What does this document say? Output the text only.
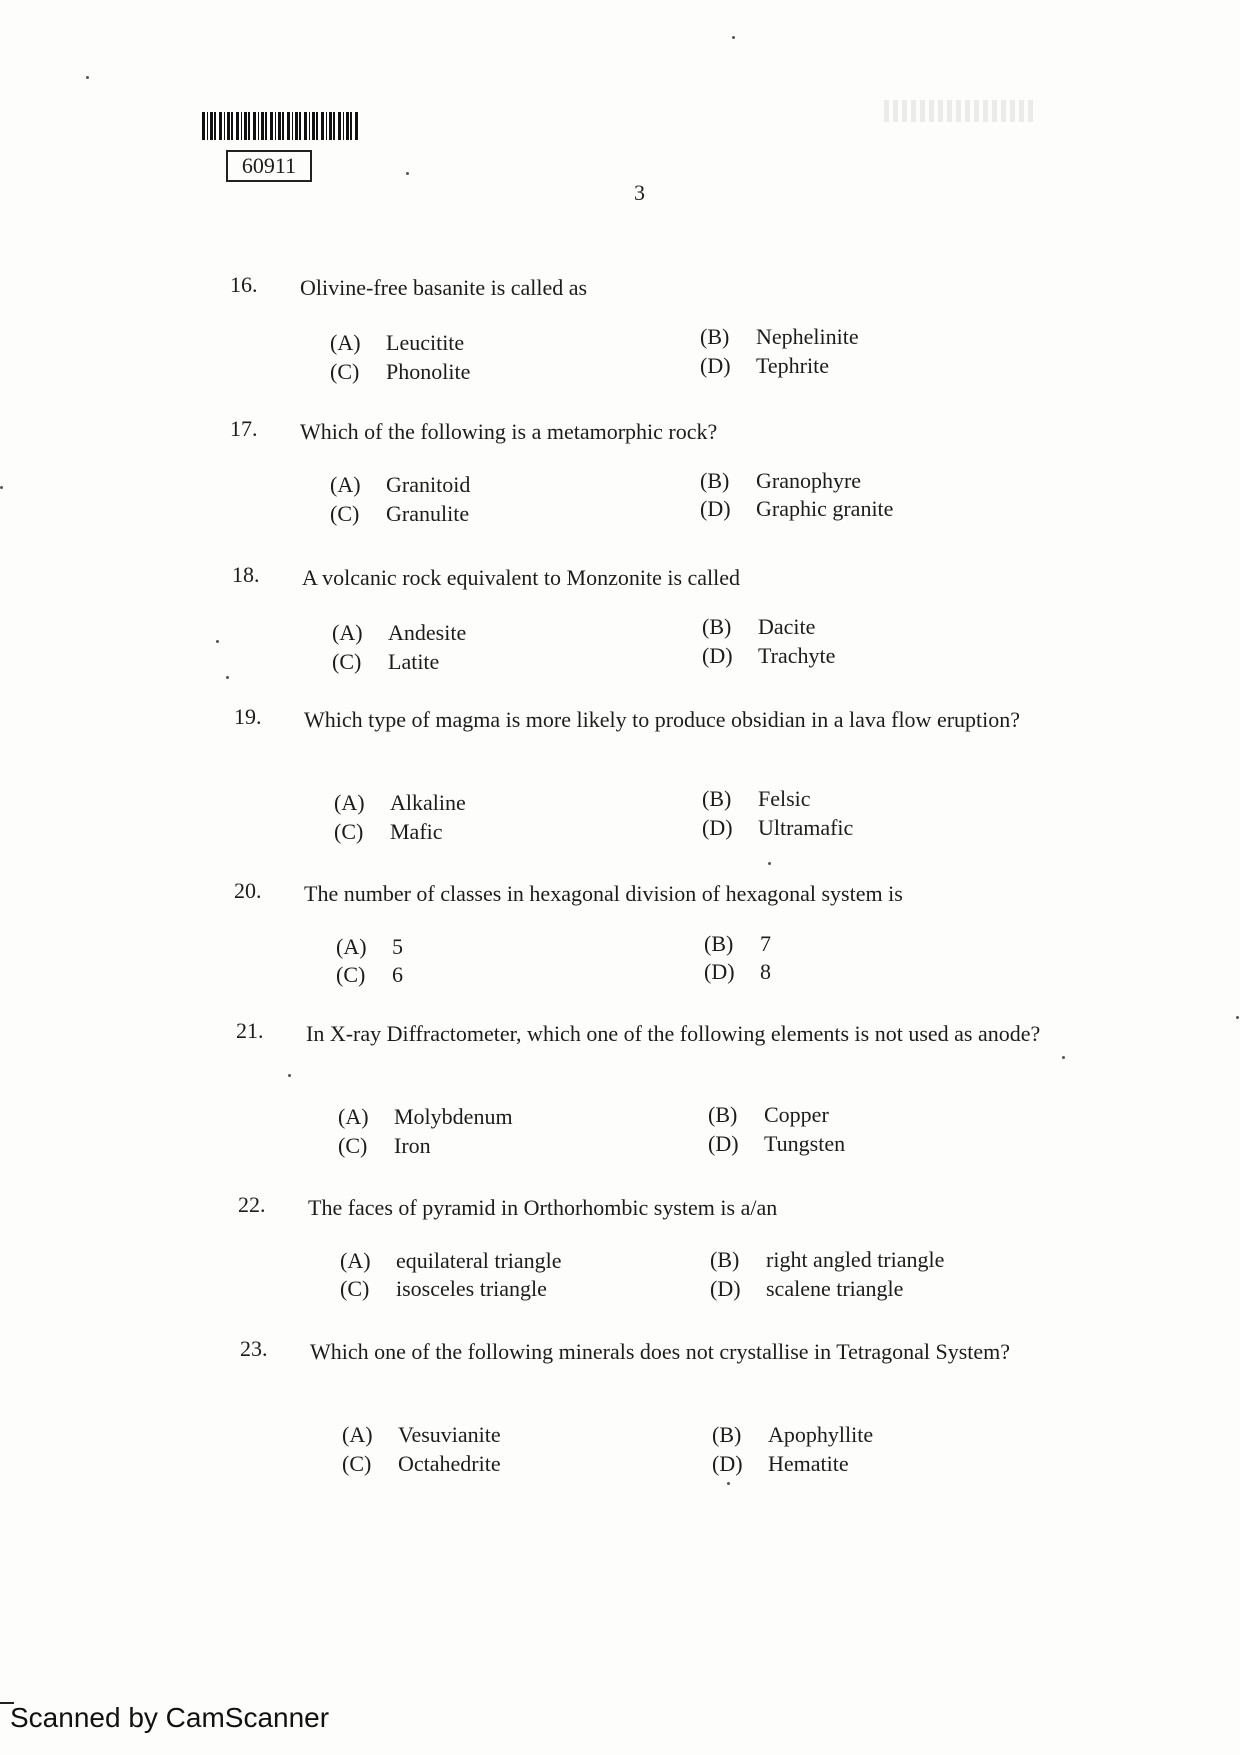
60911
3
16. Olivine-free basanite is called as
(A) Leucitite	(B) Nephelinite
(C) Phonolite	(D) Tephrite
17. Which of the following is a metamorphic rock?
(A) Granitoid	(B) Granophyre
(C) Granulite	(D) Graphic granite
18. A volcanic rock equivalent to Monzonite is called
(A) Andesite	(B) Dacite
(C) Latite	(D) Trachyte
19. Which type of magma is more likely to produce obsidian in a lava flow eruption?
(A) Alkaline	(B) Felsic
(C) Mafic	(D) Ultramafic
20. The number of classes in hexagonal division of hexagonal system is
(A) 5	(B) 7
(C) 6	(D) 8
21. In X-ray Diffractometer, which one of the following elements is not used as anode?
(A) Molybdenum	(B) Copper
(C) Iron	(D) Tungsten
22. The faces of pyramid in Orthorhombic system is a/an
(A) equilateral triangle	(B) right angled triangle
(C) isosceles triangle	(D) scalene triangle
23. Which one of the following minerals does not crystallise in Tetragonal System?
(A) Vesuvianite	(B) Apophyllite
(C) Octahedrite	(D) Hematite
Scanned by CamScanner
